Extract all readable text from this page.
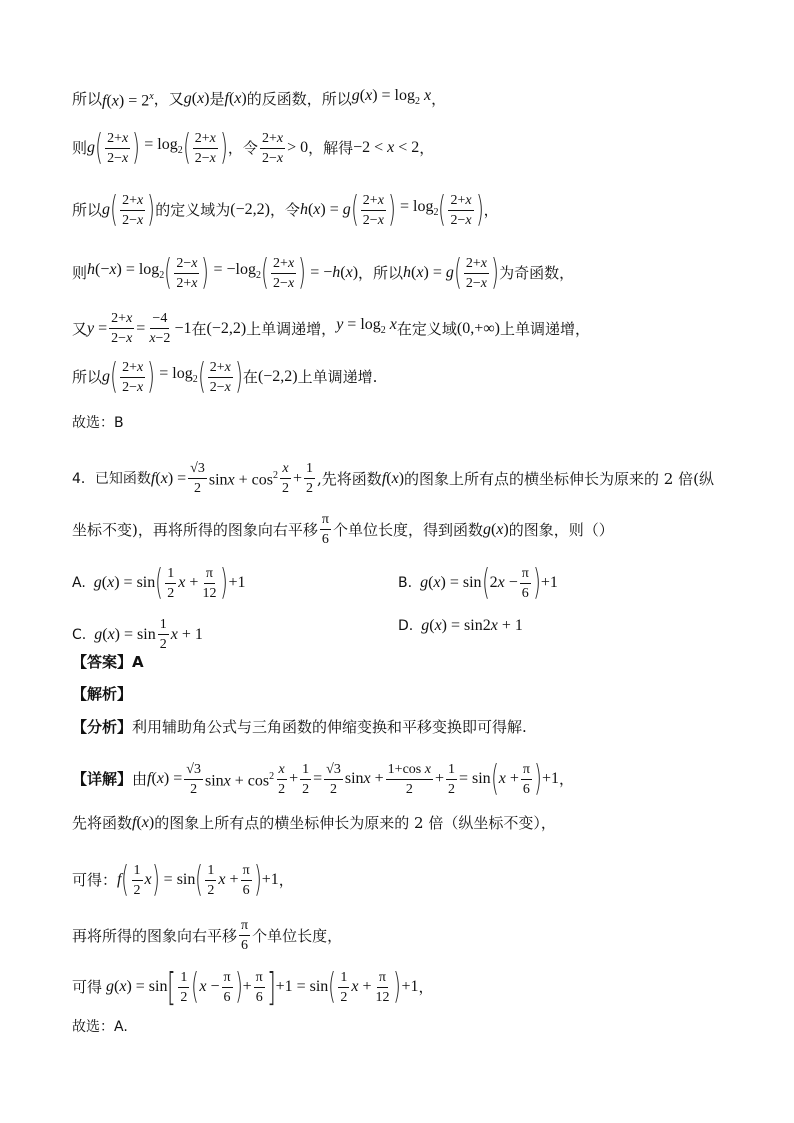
所以 $f(x) = 2^x$ ，又 g(x) 是 f(x) 的反函数，所以 $g(x) = \log_2 x$ ，
则 g ( $\frac{2+x}{2-x}$ ) = $\log_2$ ( $\frac{2+x}{2-x}$ ) ，令 $\frac{2+x}{2-x} > 0$ ，解得 −2 < x < 2 ，
所以 g ( $\frac{2+x}{2-x}$ ) 的定义域为 (−2,2) ，令 h(x) = g ( $\frac{2+x}{2-x}$ ) = $\log_2$ ( $\frac{2+x}{2-x}$ ) ，
则 $h(-x) = \log_2$ ( $\frac{2-x}{2+x}$ ) = $-\log_2$ ( $\frac{2+x}{2-x}$ ) = −h(x) ，所以 h(x) = g ( $\frac{2+x}{2-x}$ ) 为奇函数，
又 $y = \frac{2+x}{2-x} = \frac{-4}{x-2} -1$ 在 (−2,2) 上单调递增， $y = \log_2 x$ 在定义域 (0,+∞) 上单调递增，
所以 g ( $\frac{2+x}{2-x}$ ) = $\log_2$ ( $\frac{2+x}{2-x}$ ) 在 (−2,2) 上单调递增.
故选：B
4．已知函数 $f(x) = \frac{√3}{2}$ $\sin x + \cos^2 \frac{x}{2} + \frac{1}{2}$ ,先将函数 f(x) 的图象上所有点的横坐标伸长为原来的 2 倍(纵
坐标不变)，再将所得的图象向右平移 $\frac{\pi}{6}$ 个单位长度，得到函数 g(x) 的图象，则（）
A. g(x) = sin ( $\frac{1}{2}$ $x + \frac{\pi}{12}$ ) +1	B. g(x) = sin ( $2x - \frac{\pi}{6}$ ) +1
C. $g(x) = \sin \frac{1}{2}$ x + 1	D. g(x) = sin2x + 1
【答案】A
【解析】
【分析】 利用辅助角公式与三角函数的伸缩变换和平移变换即可得解.
【详解】 由 $f(x) = \frac{√3}{2}$ $\sin x + \cos^2 \frac{x}{2} + \frac{1}{2} = \frac{√3}{2}$ $\sin x + \frac{\text{1+cos x}}{2} + \frac{1}{2} = \sin$ ( $x + \frac{\pi}{6}$ ) +1 ，
先将函数 f(x) 的图象上所有点的横坐标伸长为原来的 2 倍（纵坐标不变），
可得： f ( $\frac{1}{2}$ x ) = sin ( $\frac{1}{2}$ $x + \frac{\pi}{6}$ ) +1 ，
再将所得的图象向右平移 $\frac{\pi}{6}$ 个单位长度，
可得 g(x) = sin [ $\frac{1}{2}$ ( $x - \frac{\pi}{6}$ ) + $\frac{\pi}{6}$ ] +1 = sin ( $\frac{1}{2}$ $x + \frac{\pi}{12}$ ) +1 ，
故选：A.
